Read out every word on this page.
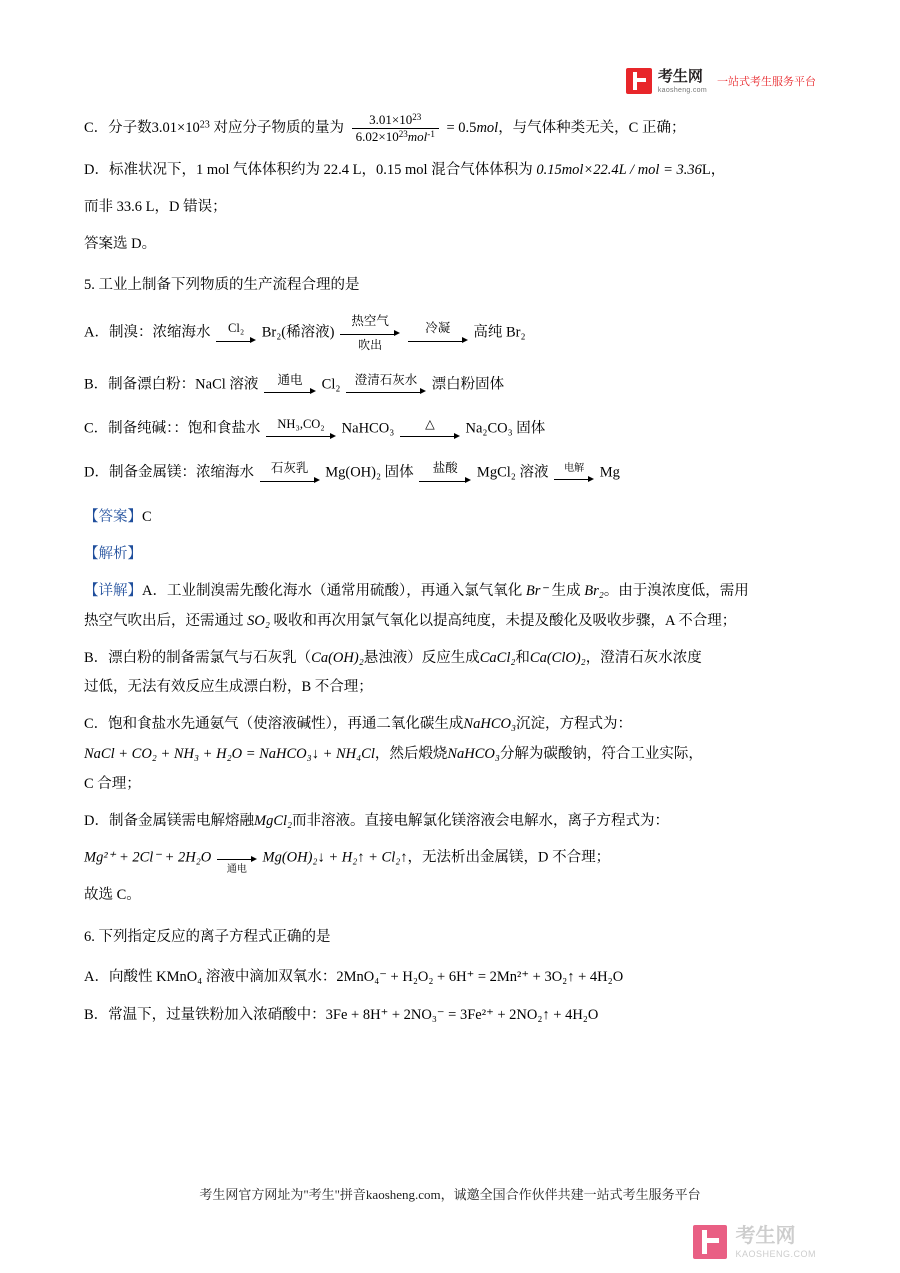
考生网
kaosheng.com
一站式考生服务平台

C．分子数$3.01\times 10^{23}$ 对应分子物质的量为 $\frac{3.01\times 10^{23}}{6.02\times 10^{23}mol^{-1}} = 0.5mol$，与气体种类无关，C 正确；

D．标准状况下，1 mol 气体体积约为 22.4 L，0.15 mol 混合气体体积为 0.15mol×22.4L / mol = 3.36L，

而非 33.6 L，D 错误；

答案选 D。

5. 工业上制备下列物质的生产流程合理的是

A．制溴：浓缩海水	Cl₂	Br₂(稀溶液)
热空气
吹出

冷凝	高纯 Br₂

B．制备漂白粉：NaCl 溶液	通电	Cl₂	澄清石灰水 漂白粉固体

C．制备纯碱：：饱和食盐水	NH₃,CO₂	NaHCO₃	△	Na₂CO₃ 固体

D．制备金属镁：浓缩海水	石灰乳	Mg(OH)₂ 固体	盐酸	MgCl₂ 溶液	电解	Mg

【答案】C

【解析】

【详解】A．工业制溴需先酸化海水（通常用硫酸），再通入氯气氧化 Br⁻ 生成 Br₂。由于溴浓度低，需用

热空气吹出后，还需通过 SO₂ 吸收和再次用氯气氧化以提高纯度，未提及酸化及吸收步骤，A 不合理；

B．漂白粉的制备需氯气与石灰乳（Ca(OH)₂悬浊液）反应生成CaCl₂和Ca(ClO)₂，澄清石灰水浓度

过低，无法有效反应生成漂白粉，B 不合理；

C．饱和食盐水先通氨气（使溶液碱性），再通二氧化碳生成NaHCO₃沉淀，方程式为：

NaCl + CO₂ + NH₃ + H₂O = NaHCO₃↓ + NH₄Cl，然后煅烧NaHCO₃分解为碳酸钠，符合工业实际，

C 合理；

D．制备金属镁需电解熔融MgCl₂而非溶液。直接电解氯化镁溶液会电解水，离子方程式为：

Mg²⁺ + 2Cl⁻ + 2H₂O

通电
Mg(OH)₂↓ + H₂↑ + Cl₂↑，无法析出金属镁，D 不合理；

故选 C。

6. 下列指定反应的离子方程式正确的是

A．向酸性 KMnO₄ 溶液中滴加双氧水：2MnO₄⁻ + H₂O₂ + 6H⁺ = 2Mn²⁺ + 3O₂↑ + 4H₂O

B．常温下，过量铁粉加入浓硝酸中：3Fe + 8H⁺ + 2NO₃⁻ = 3Fe²⁺ + 2NO₂↑ + 4H₂O

考生网官方网址为"考生"拼音kaosheng.com，诚邀全国合作伙伴共建一站式考生服务平台
考生网
KAOSHENG.COM
